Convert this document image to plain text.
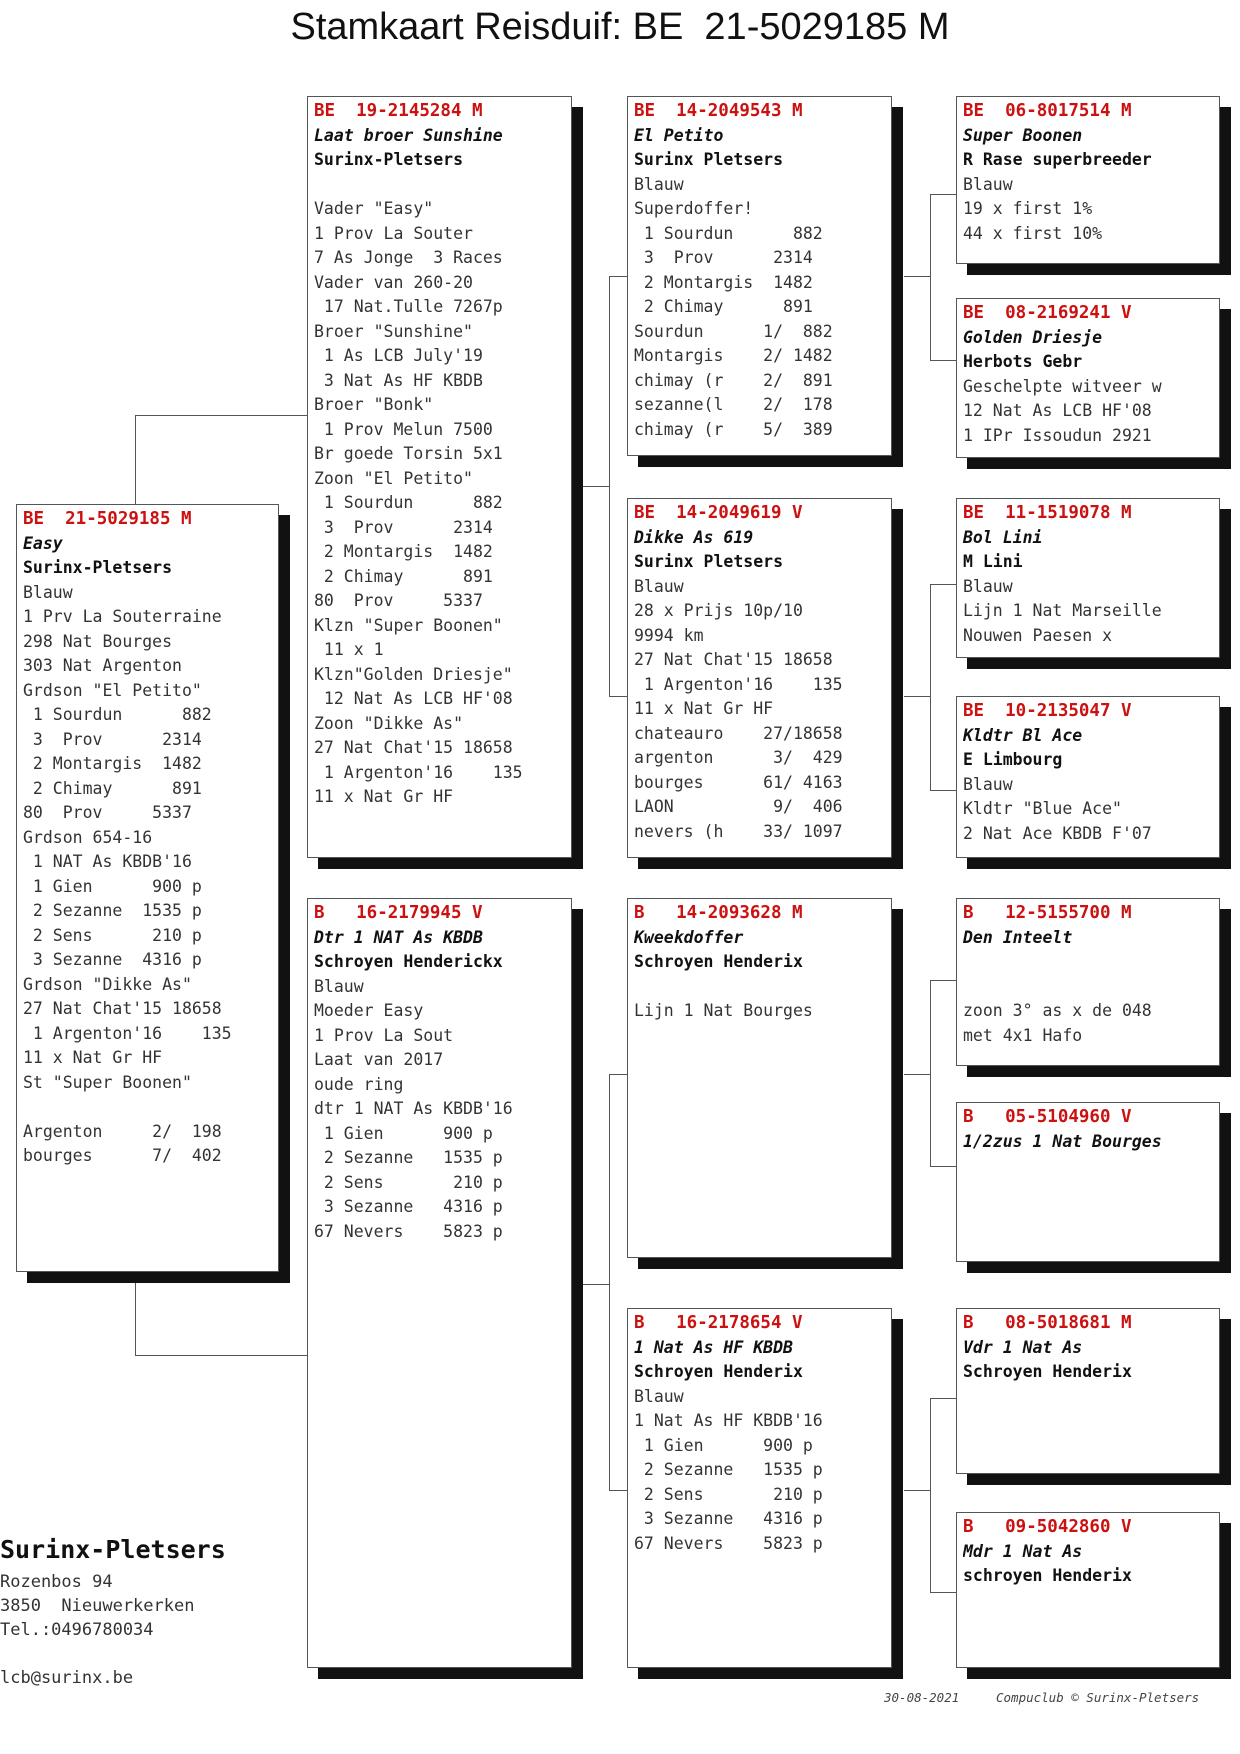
Stamkaart Reisduif: BE  21-5029185 M
BE  21-5029185 M
Easy
Surinx-Pletsers
Blauw
1 Prv La Souterraine
298 Nat Bourges
303 Nat Argenton
Grdson "El Petito"
1 Sourdun      882
3  Prov      2314
2 Montargis  1482
2 Chimay      891
80  Prov     5337
Grdson 654-16
1 NAT As KBDB'16
1 Gien      900 p
2 Sezanne  1535 p
2 Sens      210 p
3 Sezanne  4316 p
Grdson "Dikke As"
27 Nat Chat'15 18658
1 Argenton'16    135
11 x Nat Gr HF
St "Super Boonen"
Argenton     2/  198
bourges      7/  402
BE  19-2145284 M
Laat broer Sunshine
Surinx-Pletsers
Vader "Easy"
1 Prov La Souter
7 As Jonge  3 Races
Vader van 260-20
17 Nat.Tulle 7267p
Broer "Sunshine"
1 As LCB July'19
3 Nat As HF KBDB
Broer "Bonk"
1 Prov Melun 7500
Br goede Torsin 5x1
Zoon "El Petito"
1 Sourdun      882
3  Prov      2314
2 Montargis  1482
2 Chimay      891
80  Prov     5337
Klzn "Super Boonen"
11 x 1
Klzn"Golden Driesje"
12 Nat As LCB HF'08
Zoon "Dikke As"
27 Nat Chat'15 18658
1 Argenton'16    135
11 x Nat Gr HF
B   16-2179945 V
Dtr 1 NAT As KBDB
Schroyen Henderickx
Blauw
Moeder Easy
1 Prov La Sout
Laat van 2017
oude ring
dtr 1 NAT As KBDB'16
1 Gien      900 p
2 Sezanne   1535 p
2 Sens       210 p
3 Sezanne   4316 p
67 Nevers    5823 p
BE  14-2049543 M
El Petito
Surinx Pletsers
Blauw
Superdoffer!
1 Sourdun      882
3  Prov      2314
2 Montargis  1482
2 Chimay      891
Sourdun      1/  882
Montargis    2/ 1482
chimay (r    2/  891
sezanne(l    2/  178
chimay (r    5/  389
BE  14-2049619 V
Dikke As 619
Surinx Pletsers
Blauw
28 x Prijs 10p/10
9994 km
27 Nat Chat'15 18658
1 Argenton'16    135
11 x Nat Gr HF
chateauro    27/18658
argenton      3/  429
bourges      61/ 4163
LAON          9/  406
nevers (h    33/ 1097
B   14-2093628 M
Kweekdoffer
Schroyen Henderix
Lijn 1 Nat Bourges
B   16-2178654 V
1 Nat As HF KBDB
Schroyen Henderix
Blauw
1 Nat As HF KBDB'16
1 Gien      900 p
2 Sezanne   1535 p
2 Sens       210 p
3 Sezanne   4316 p
67 Nevers    5823 p
BE  06-8017514 M
Super Boonen
R Rase superbreeder
Blauw
19 x first 1%
44 x first 10%
BE  08-2169241 V
Golden Driesje
Herbots Gebr
Geschelpte witveer w
12 Nat As LCB HF'08
1 IPr Issoudun 2921
BE  11-1519078 M
Bol Lini
M Lini
Blauw
Lijn 1 Nat Marseille
Nouwen Paesen x
BE  10-2135047 V
Kldtr Bl Ace
E Limbourg
Blauw
Kldtr "Blue Ace"
2 Nat Ace KBDB F'07
B   12-5155700 M
Den Inteelt
zoon 3° as x de 048
met 4x1 Hafo
B   05-5104960 V
1/2zus 1 Nat Bourges
B   08-5018681 M
Vdr 1 Nat As
Schroyen Henderix
B   09-5042860 V
Mdr 1 Nat As
schroyen Henderix
Surinx-Pletsers
Rozenbos 94
3850  Nieuwerkerken
Tel.:0496780034
lcb@surinx.be
30-08-2021	Compuclub © Surinx-Pletsers
